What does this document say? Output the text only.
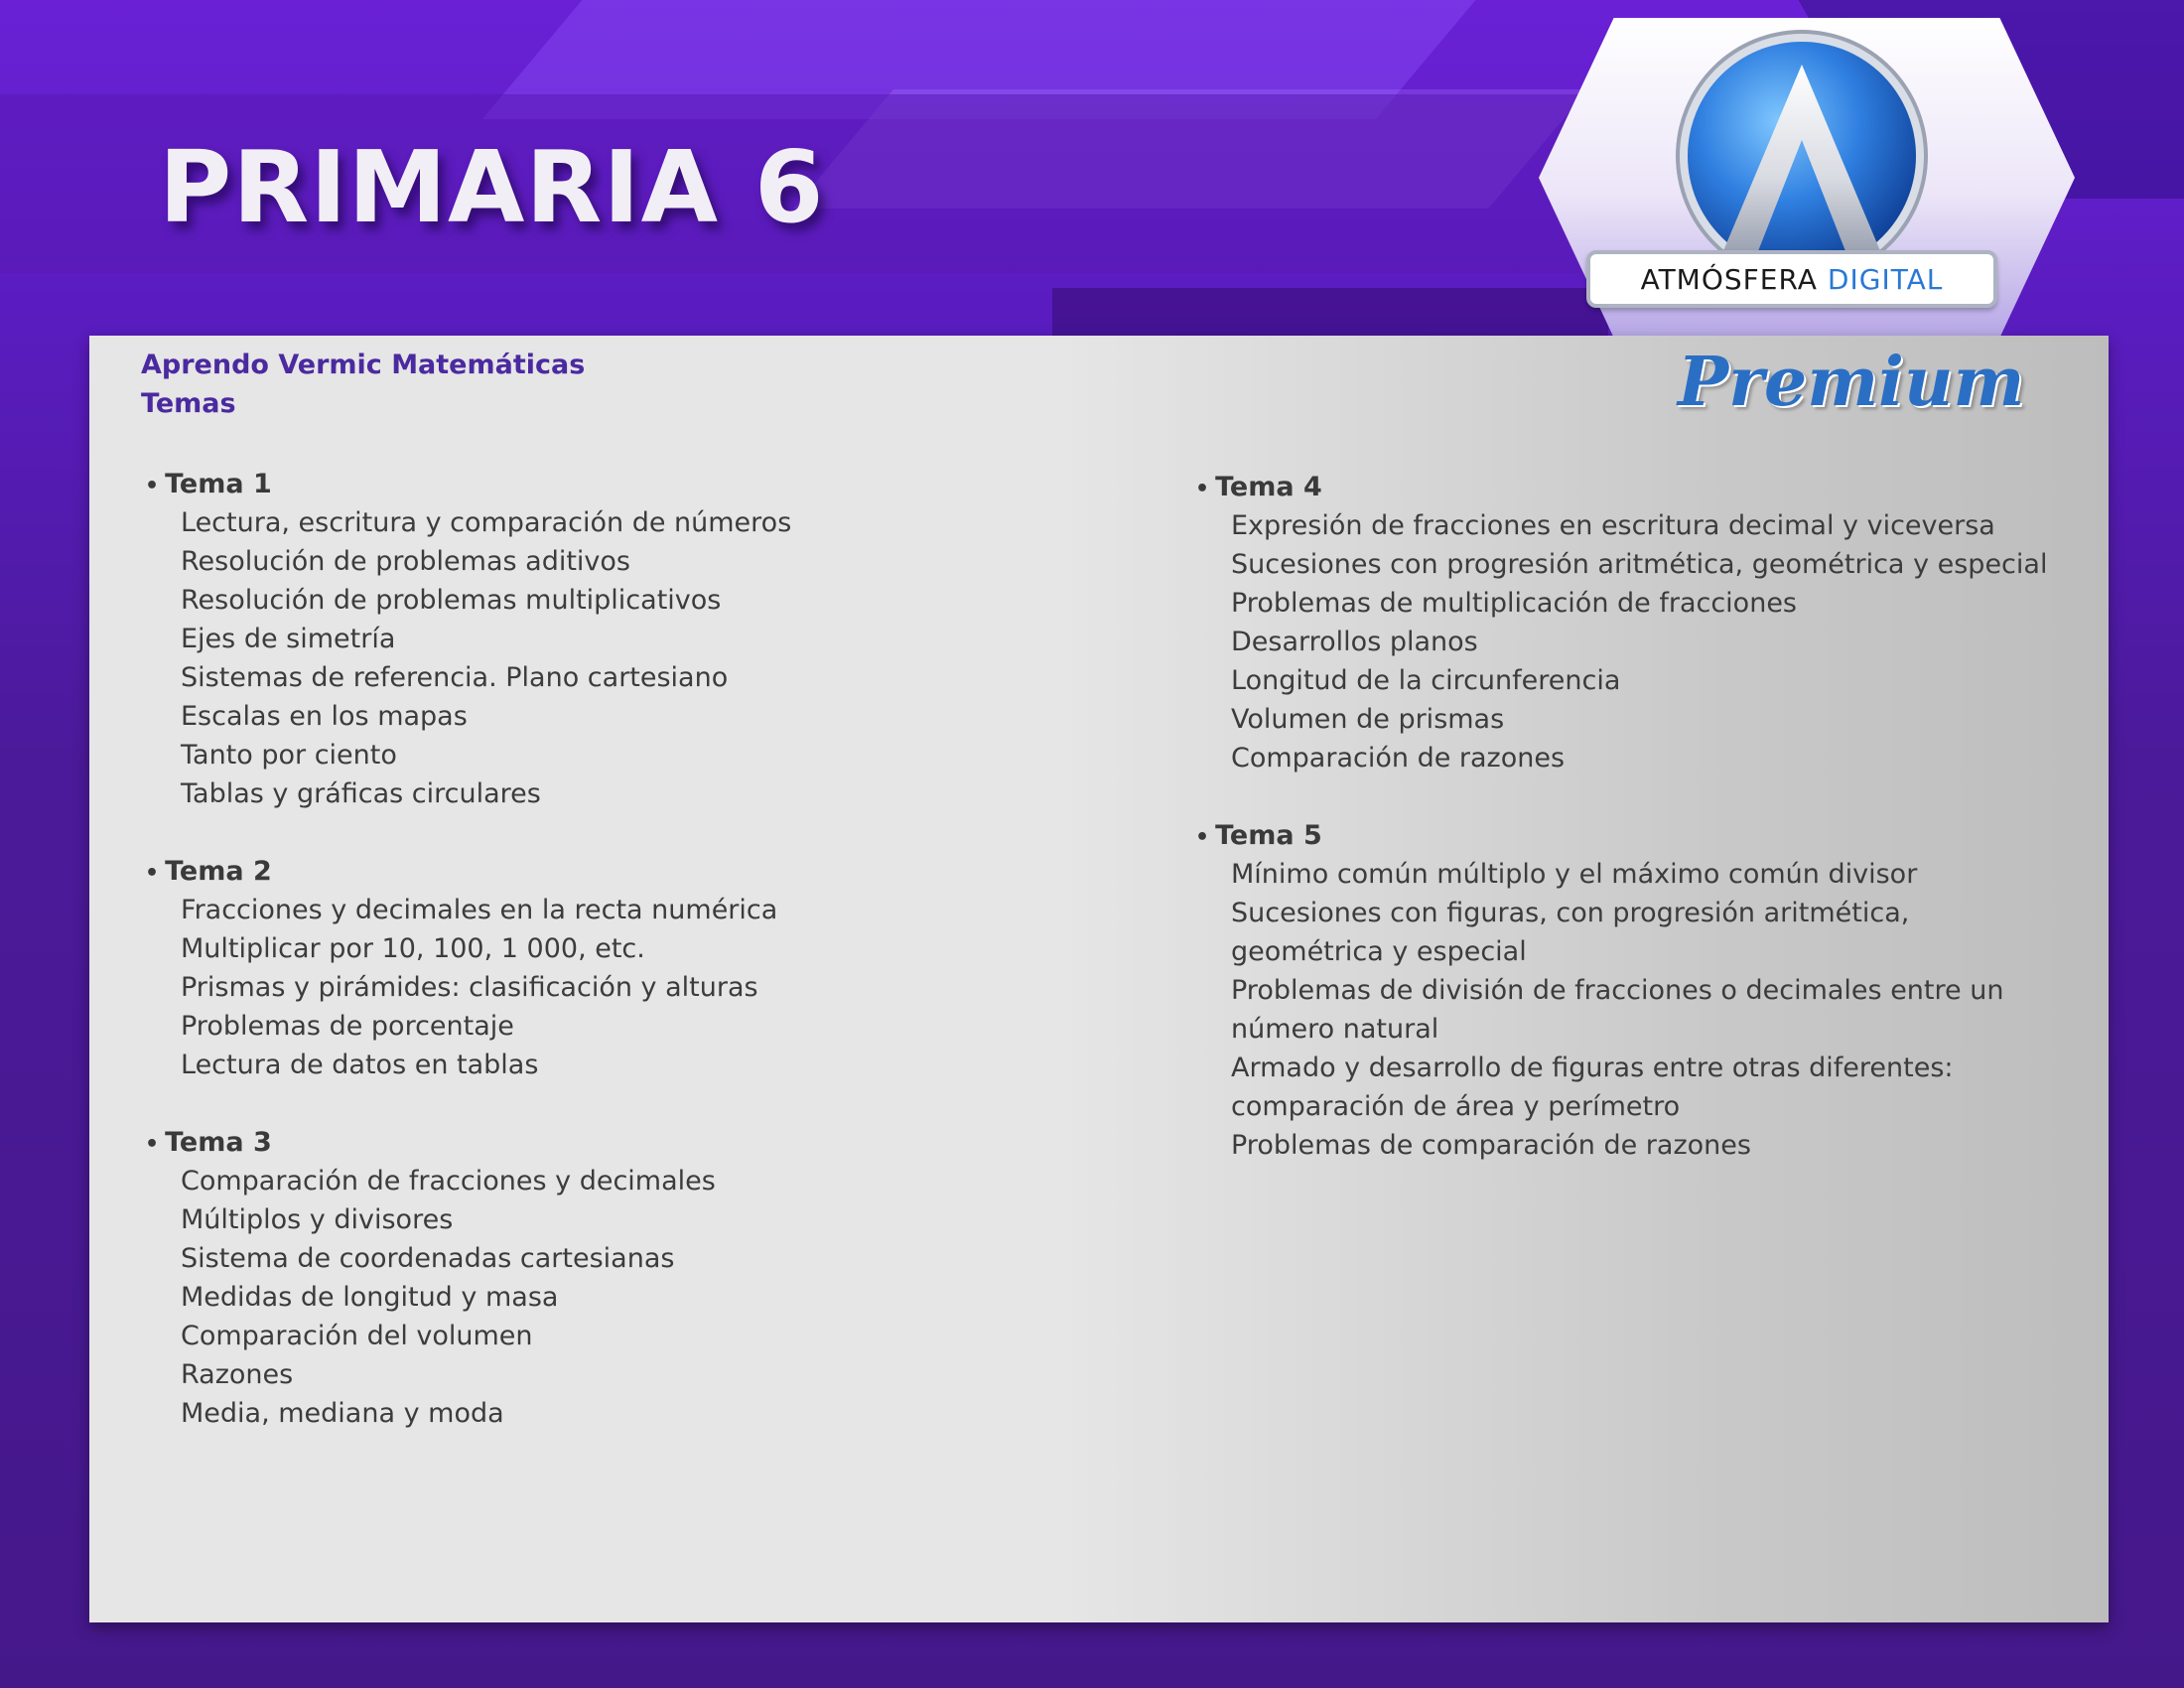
PRIMARIA 6
ATMÓSFERA DIGITAL
Aprendo Vermic Matemáticas
Temas	Premium
• Tema 1
Lectura, escritura y comparación de números
Resolución de problemas aditivos
Resolución de problemas multiplicativos
Ejes de simetría
Sistemas de referencia. Plano cartesiano
Escalas en los mapas
Tanto por ciento
Tablas y gráficas circulares
• Tema 2
Fracciones y decimales en la recta numérica
Multiplicar por 10, 100, 1 000, etc.
Prismas y pirámides: clasificación y alturas
Problemas de porcentaje
Lectura de datos en tablas
• Tema 3
Comparación de fracciones y decimales
Múltiplos y divisores
Sistema de coordenadas cartesianas
Medidas de longitud y masa
Comparación del volumen
Razones
Media, mediana y moda
• Tema 4
Expresión de fracciones en escritura decimal y viceversa
Sucesiones con progresión aritmética, geométrica y especial
Problemas de multiplicación de fracciones
Desarrollos planos
Longitud de la circunferencia
Volumen de prismas
Comparación de razones
• Tema 5
Mínimo común múltiplo y el máximo común divisor
Sucesiones con figuras, con progresión aritmética,
geométrica y especial
Problemas de división de fracciones o decimales entre un
número natural
Armado y desarrollo de figuras entre otras diferentes:
comparación de área y perímetro
Problemas de comparación de razones
